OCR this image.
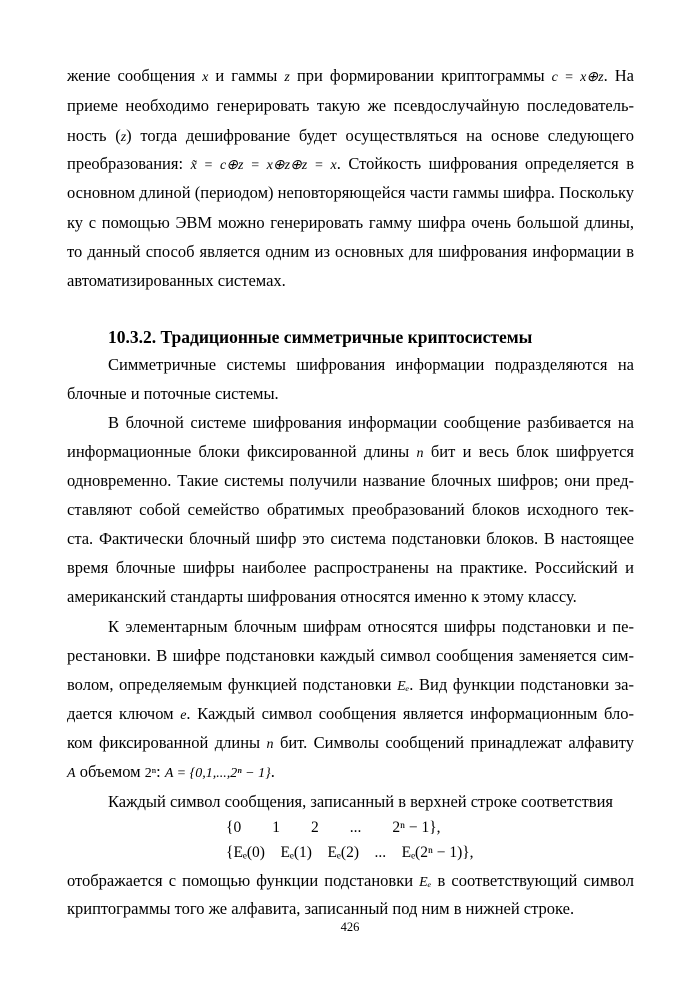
жение сообщения x и гаммы z при формировании криптограммы c = x⊕z. На
приеме необходимо генерировать такую же псевдослучайную последователь-
ность (z) тогда дешифрование будет осуществляться на основе следующего
преобразования: x̃ = c⊕z = x⊕z⊕z = x. Стойкость шифрования определяется в
основном длиной (периодом) неповторяющейся части гаммы шифра. Поскольку
ку с помощью ЭВМ можно генерировать гамму шифра очень большой длины,
то данный способ является одним из основных для шифрования информации в
автоматизированных системах.
10.3.2. Традиционные симметричные криптосистемы
Симметричные системы шифрования информации подразделяются на
блочные и поточные системы.
В блочной системе шифрования информации сообщение разбивается на
информационные блоки фиксированной длины n бит и весь блок шифруется
одновременно. Такие системы получили название блочных шифров; они пред-
ставляют собой семейство обратимых преобразований блоков исходного тек-
ста. Фактически блочный шифр это система подстановки блоков. В настоящее
время блочные шифры наиболее распространены на практике. Российский и
американский стандарты шифрования относятся именно к этому классу.
К элементарным блочным шифрам относятся шифры подстановки и пе-
рестановки. В шифре подстановки каждый символ сообщения заменяется сим-
волом, определяемым функцией подстановки Eₑ. Вид функции подстановки за-
дается ключом e. Каждый символ сообщения является информационным бло-
ком фиксированной длины n бит. Символы сообщений принадлежат алфавиту
A объемом 2ⁿ: A = {0,1,...,2ⁿ − 1}.
Каждый символ сообщения, записанный в верхней строке соответствия
{0        1        2        ...        2ⁿ − 1},
{Eₑ(0)    Eₑ(1)    Eₑ(2)    ...    Eₑ(2ⁿ − 1)},
отображается с помощью функции подстановки Eₑ в соответствующий символ
криптограммы того же алфавита, записанный под ним в нижней строке.
426
